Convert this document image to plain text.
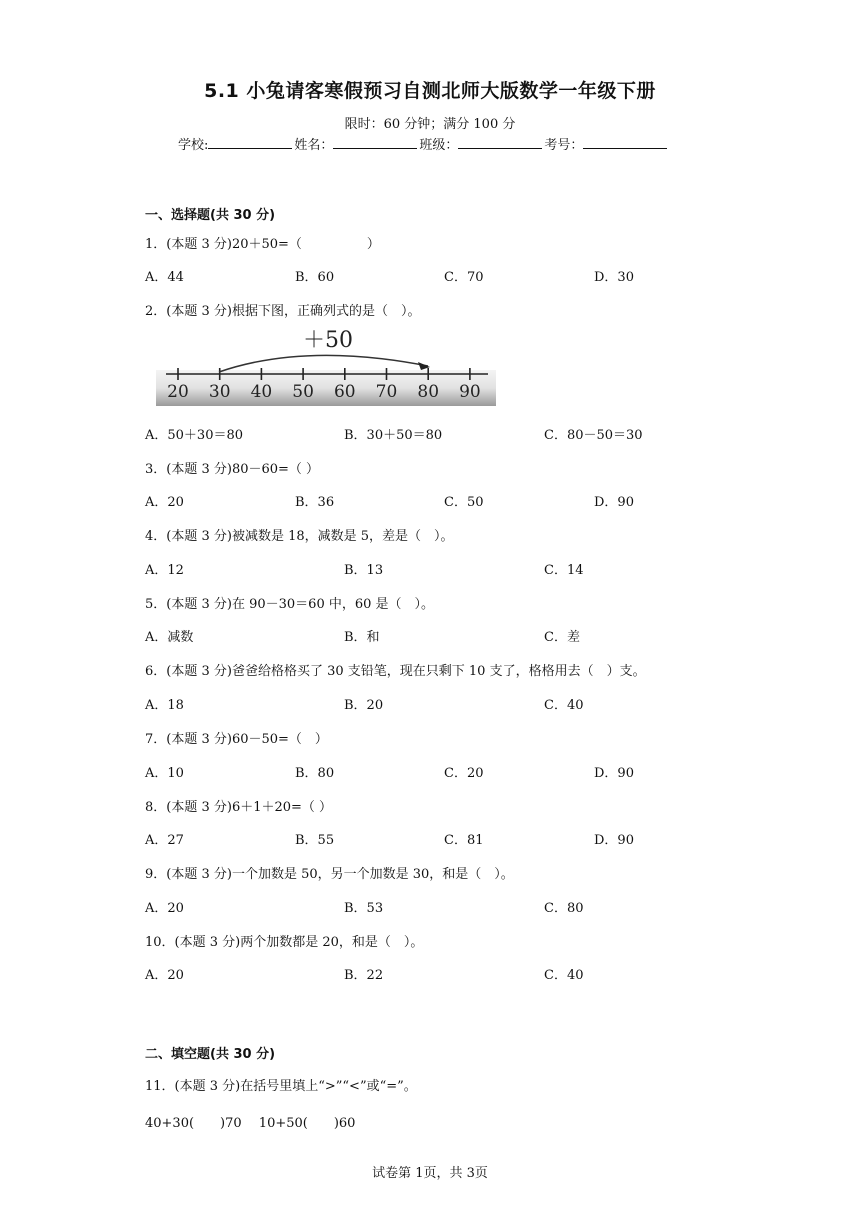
5.1 小兔请客寒假预习自测北师大版数学一年级下册
限时：60 分钟；满分 100 分
学校:	姓名：	班级：	考号：
一、选择题(共 30 分)
1．(本题 3 分)20＋50=（　　　　　）
A．44	B．60	C．70	D．30
2．(本题 3 分)根据下图，正确列式的是（　）。
20 30 40 50 60 70 80 90
＋50
A．50＋30＝80	B．30＋50＝80	C．80－50＝30
3．(本题 3 分)80－60=（ ）
A．20	B．36	C．50	D．90
4．(本题 3 分)被减数是 18，减数是 5，差是（　）。
A．12	B．13	C．14
5．(本题 3 分)在 90－30＝60 中，60 是（　）。
A．减数	B．和	C．差
6．(本题 3 分)爸爸给格格买了 30 支铅笔，现在只剩下 10 支了，格格用去（　）支。
A．18	B．20	C．40
7．(本题 3 分)60－50=（　）
A．10	B．80	C．20	D．90
8．(本题 3 分)6＋1＋20=（ ）
A．27	B．55	C．81	D．90
9．(本题 3 分)一个加数是 50，另一个加数是 30，和是（　）。
A．20	B．53	C．80
10．(本题 3 分)两个加数都是 20，和是（　）。
A．20	B．22	C．40
二、填空题(共 30 分)
11．(本题 3 分)在括号里填上“>”“<”或“=”。
40+30(　　)70　 10+50(　　)60
试卷第 1页，共 3页
